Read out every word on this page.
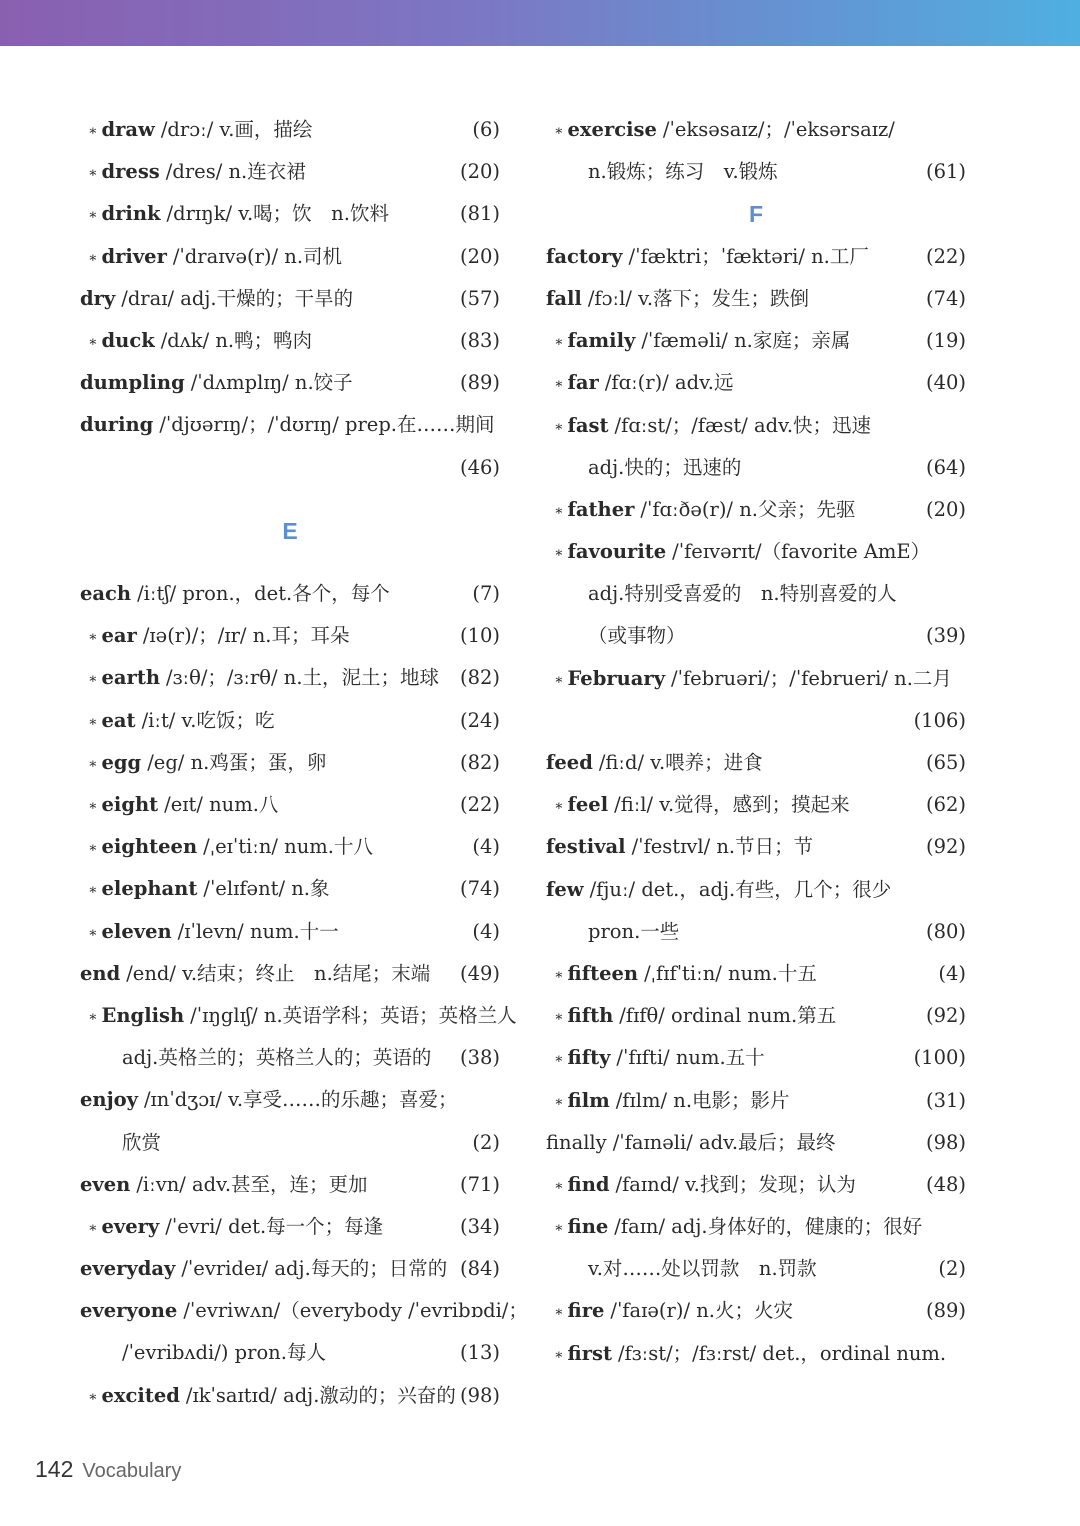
∗ draw /drɔː/ v.画，描绘	(6)
∗ dress /dres/ n.连衣裙	(20)
∗ drink /drɪŋk/ v.喝；饮　n.饮料	(81)
∗ driver /ˈdraɪvə(r)/ n.司机	(20)
dry /draɪ/ adj.干燥的；干旱的	(57)
∗ duck /dʌk/ n.鸭；鸭肉	(83)
dumpling /ˈdʌmplɪŋ/ n.饺子	(89)
during /ˈdjʊərɪŋ/；/ˈdʊrɪŋ/ prep.在……期间
(46)
E
each /iːtʃ/ pron.，det.各个，每个	(7)
∗ ear /ɪə(r)/；/ɪr/ n.耳；耳朵	(10)
∗ earth /ɜːθ/；/ɜːrθ/ n.土，泥土；地球 (82)
∗ eat /iːt/ v.吃饭；吃	(24)
∗ egg /eg/ n.鸡蛋；蛋，卵	(82)
∗ eight /eɪt/ num.八	(22)
∗ eighteen /ˌeɪˈtiːn/ num.十八	(4)
∗ elephant /ˈelɪfənt/ n.象	(74)
∗ eleven /ɪˈlevn/ num.十一	(4)
end /end/ v.结束；终止　n.结尾；末端 (49)
∗ English /ˈɪŋglɪʃ/ n.英语学科；英语；英格兰人
adj.英格兰的；英格兰人的；英语的 (38)
enjoy /ɪnˈdʒɔɪ/ v.享受……的乐趣；喜爱；
欣赏	(2)
even /iːvn/ adv.甚至，连；更加	(71)
∗ every /ˈevri/ det.每一个；每逢	(34)
everyday /ˈevrideɪ/ adj.每天的；日常的 (84)
everyone /ˈevriwʌn/（everybody /ˈevribɒdi/；
/ˈevribʌdi/) pron.每人	(13)
∗ excited /ɪkˈsaɪtɪd/ adj.激动的；兴奋的 (98)
∗ exercise /ˈeksəsaɪz/；/ˈeksərsaɪz/
n.锻炼；练习　v.锻炼	(61)
F
factory /ˈfæktri；ˈfæktəri/ n.工厂	(22)
fall /fɔːl/ v.落下；发生；跌倒	(74)
∗ family /ˈfæməli/ n.家庭；亲属	(19)
∗ far /fɑː(r)/ adv.远	(40)
∗ fast /fɑːst/；/fæst/ adv.快；迅速
adj.快的；迅速的	(64)
∗ father /ˈfɑːðə(r)/ n.父亲；先驱	(20)
∗ favourite /ˈfeɪvərɪt/（favorite AmE）
adj.特别受喜爱的　n.特别喜爱的人
（或事物）	(39)
∗ February /ˈfebruəri/；/ˈfebrueri/ n.二月
(106)
feed /fiːd/ v.喂养；进食	(65)
∗ feel /fiːl/ v.觉得，感到；摸起来	(62)
festival /ˈfestɪvl/ n.节日；节	(92)
few /fjuː/ det.，adj.有些，几个；很少
pron.一些	(80)
∗ fifteen /ˌfɪfˈtiːn/ num.十五	(4)
∗ fifth /fɪfθ/ ordinal num.第五	(92)
∗ fifty /ˈfɪfti/ num.五十	(100)
∗ film /fɪlm/ n.电影；影片	(31)
finally /ˈfaɪnəli/ adv.最后；最终	(98)
∗ find /faɪnd/ v.找到；发现；认为	(48)
∗ fine /faɪn/ adj.身体好的，健康的；很好
v.对……处以罚款　n.罚款	(2)
∗ fire /ˈfaɪə(r)/ n.火；火灾	(89)
∗ first /fɜːst/；/fɜːrst/ det.，ordinal num.
142 Vocabulary
